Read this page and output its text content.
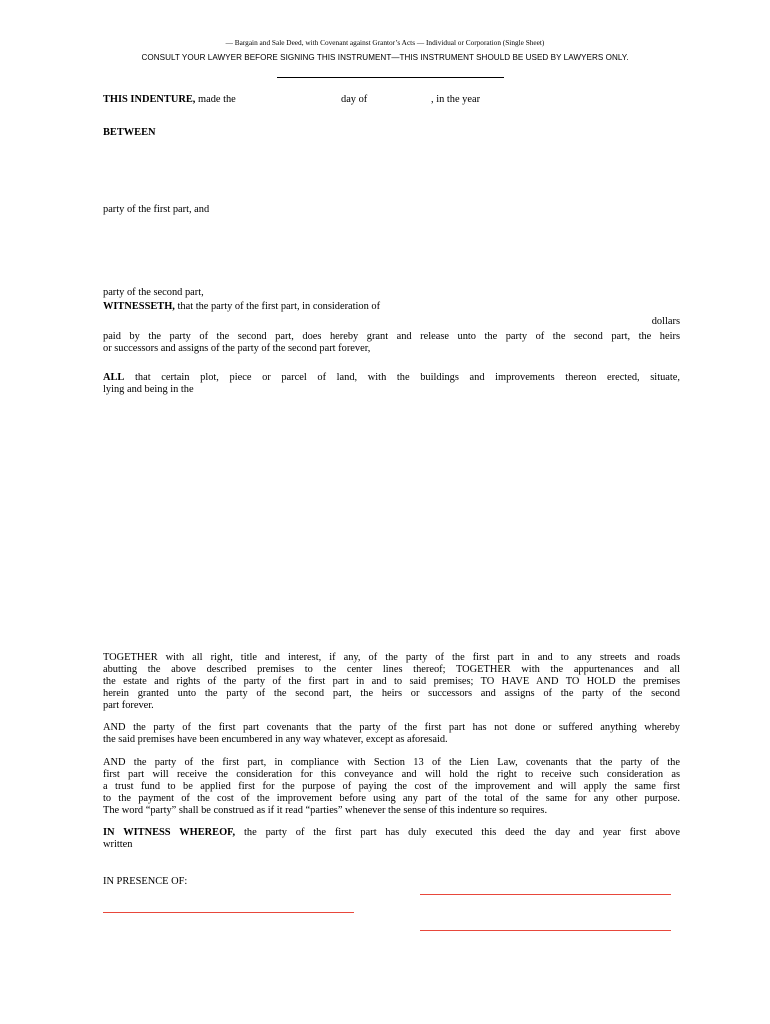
— Bargain and Sale Deed, with Covenant against Grantor’s Acts — Individual or Corporation (Single Sheet)
CONSULT YOUR LAWYER BEFORE SIGNING THIS INSTRUMENT—THIS INSTRUMENT SHOULD BE USED BY LAWYERS ONLY.
THIS INDENTURE, made the	day of	, in the year
BETWEEN
party of the first part, and
party of the second part,
WITNESSETH, that the party of the first part, in consideration of
dollars
paid by the party of the second part, does hereby grant and release unto the party of the second part, the heirs
or successors and assigns of the party of the second part forever,
ALL that certain plot, piece or parcel of land, with the buildings and improvements thereon erected, situate,
lying and being in the
TOGETHER with all right, title and interest, if any, of the party of the first part in and to any streets and roads
abutting the above described premises to the center lines thereof; TOGETHER with the appurtenances and all
the estate and rights of the party of the first part in and to said premises; TO HAVE AND TO HOLD the premises
herein granted unto the party of the second part, the heirs or successors and assigns of the party of the second
part forever.
AND the party of the first part covenants that the party of the first part has not done or suffered anything whereby
the said premises have been encumbered in any way whatever, except as aforesaid.
AND the party of the first part, in compliance with Section 13 of the Lien Law, covenants that the party of the
first part will receive the consideration for this conveyance and will hold the right to receive such consideration as
a trust fund to be applied first for the purpose of paying the cost of the improvement and will apply the same first
to the payment of the cost of the improvement before using any part of the total of the same for any other purpose.
The word “party” shall be construed as if it read “parties” whenever the sense of this indenture so requires.
IN WITNESS WHEREOF, the party of the first part has duly executed this deed the day and year first above
written
IN PRESENCE OF:
